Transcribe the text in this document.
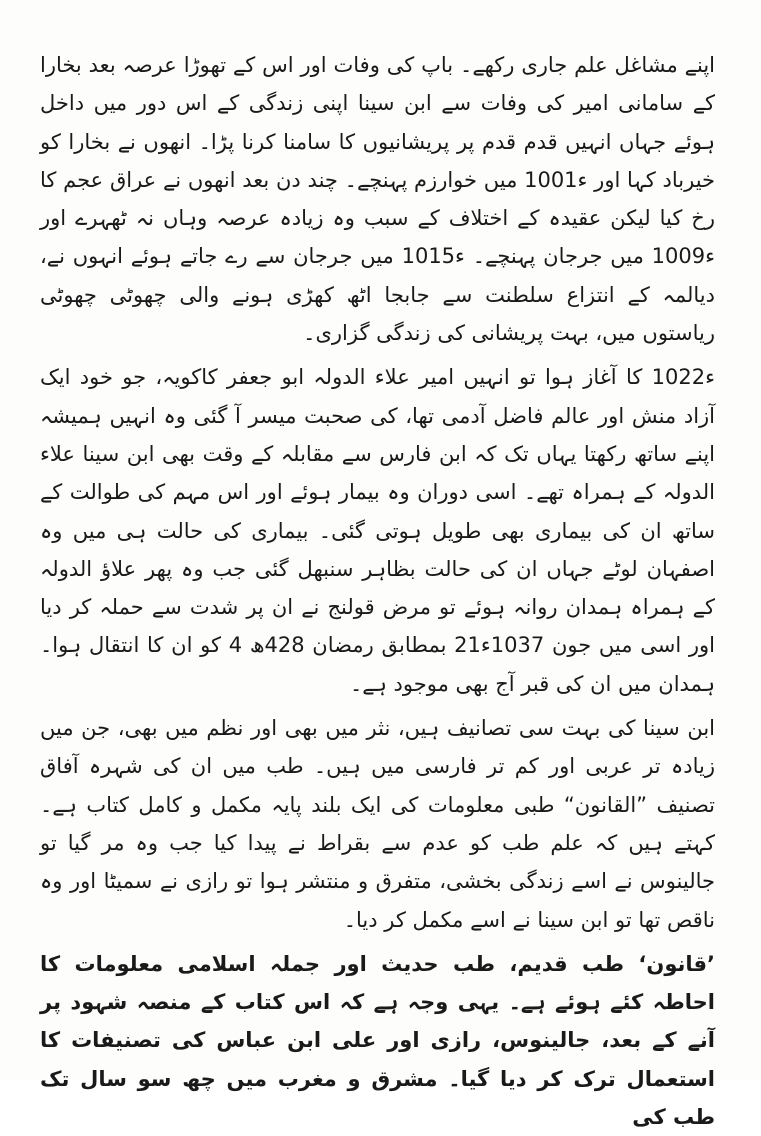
اپنے مشاغل علم جاری رکھے۔ باپ کی وفات اور اس کے تھوڑا عرصہ بعد بخارا کے سامانی امیر کی وفات سے ابن سینا اپنی زندگی کے اس دور میں داخل ہوئے جہاں انہیں قدم قدم پر پریشانیوں کا سامنا کرنا پڑا۔ انھوں نے بخارا کو خیرباد کہا اور 1001ء میں خوارزم پہنچے۔ چند دن بعد انھوں نے عراق عجم کا رخ کیا لیکن عقیدہ کے اختلاف کے سبب وہ زیادہ عرصہ وہاں نہ ٹھہرے اور 1009ء میں جرجان پہنچے۔ 1015ء میں جرجان سے رے جاتے ہوئے انہوں نے، دیالمہ کے انتزاع سلطنت سے جابجا اٹھ کھڑی ہونے والی چھوٹی چھوٹی ریاستوں میں، بہت پریشانی کی زندگی گزاری۔

1022ء کا آغاز ہوا تو انہیں امیر علاء الدولہ ابو جعفر کاکویہ، جو خود ایک آزاد منش اور عالم فاضل آدمی تھا، کی صحبت میسر آ گئی وہ انہیں ہمیشہ اپنے ساتھ رکھتا یہاں تک کہ ابن فارس سے مقابلہ کے وقت بھی ابن سینا علاء الدولہ کے ہمراہ تھے۔ اسی دوران وہ بیمار ہوئے اور اس مہم کی طوالت کے ساتھ ان کی بیماری بھی طویل ہوتی گئی۔ بیماری کی حالت ہی میں وہ اصفہان لوٹے جہاں ان کی حالت بظاہر سنبھل گئی جب وہ پھر علاؤ الدولہ کے ہمراہ ہمدان روانہ ہوئے تو مرض قولنج نے ان پر شدت سے حملہ کر دیا اور اسی میں 21جون 1037ء بمطابق 4 رمضان 428ھ کو ان کا انتقال ہوا۔ ہمدان میں ان کی قبر آج بھی موجود ہے۔

ابن سینا کی بہت سی تصانیف ہیں، نثر میں بھی اور نظم میں بھی، جن میں زیادہ تر عربی اور کم تر فارسی میں ہیں۔ طب میں ان کی شہرہ آفاق تصنیف ”القانون“ طبی معلومات کی ایک بلند پایہ مکمل و کامل کتاب ہے۔ کہتے ہیں کہ علم طب کو عدم سے بقراط نے پیدا کیا جب وہ مر گیا تو جالینوس نے اسے زندگی بخشی، متفرق و منتشر ہوا تو رازی نے سمیٹا اور وہ ناقص تھا تو ابن سینا نے اسے مکمل کر دیا۔

’قانون‘ طب قدیم، طب حدیث اور جملہ اسلامی معلومات کا احاطہ کئے ہوئے ہے۔ یہی وجہ ہے کہ اس کتاب کے منصہ شہود پر آنے کے بعد، جالینوس، رازی اور علی ابن عباس کی تصنیفات کا استعمال ترک کر دیا گیا۔ مشرق و مغرب میں چھ سو سال تک طب کی
